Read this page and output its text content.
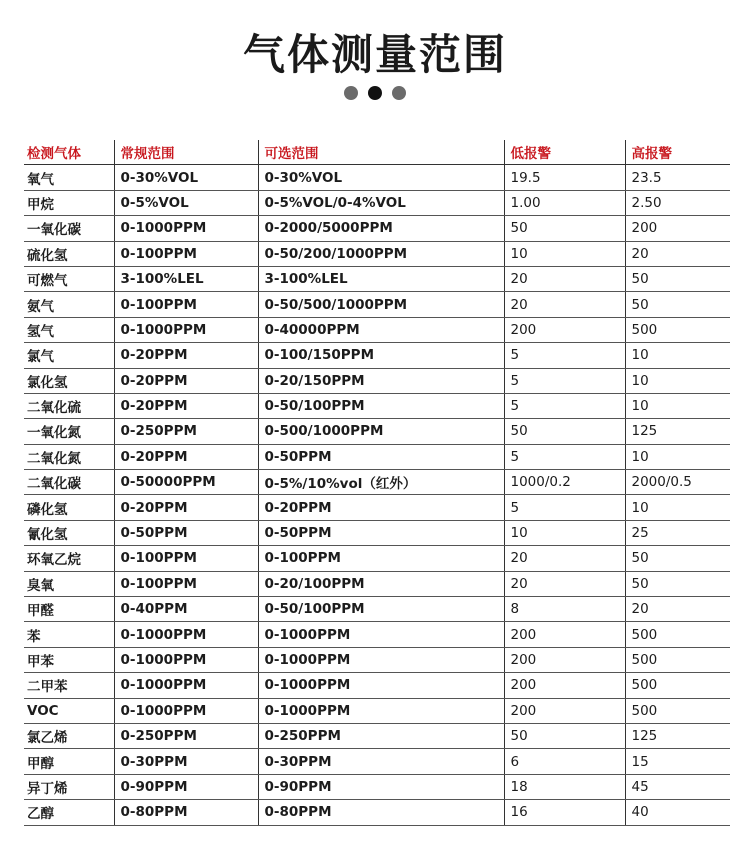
气体测量范围
检测气体	常规范围	可选范围	低报警	高报警
氧气	0-30%VOL	0-30%VOL	19.5	23.5
甲烷	0-5%VOL	0-5%VOL/0-4%VOL	1.00	2.50
一氧化碳	0-1000PPM	0-2000/5000PPM	50	200
硫化氢	0-100PPM	0-50/200/1000PPM	10	20
可燃气	3-100%LEL	3-100%LEL	20	50
氨气	0-100PPM	0-50/500/1000PPM	20	50
氢气	0-1000PPM	0-40000PPM	200	500
氯气	0-20PPM	0-100/150PPM	5	10
氯化氢	0-20PPM	0-20/150PPM	5	10
二氧化硫	0-20PPM	0-50/100PPM	5	10
一氧化氮	0-250PPM	0-500/1000PPM	50	125
二氧化氮	0-20PPM	0-50PPM	5	10
二氧化碳	0-50000PPM	0-5%/10%vol（红外）	1000/0.2	2000/0.5
磷化氢	0-20PPM	0-20PPM	5	10
氰化氢	0-50PPM	0-50PPM	10	25
环氧乙烷	0-100PPM	0-100PPM	20	50
臭氧	0-100PPM	0-20/100PPM	20	50
甲醛	0-40PPM	0-50/100PPM	8	20
苯	0-1000PPM	0-1000PPM	200	500
甲苯	0-1000PPM	0-1000PPM	200	500
二甲苯	0-1000PPM	0-1000PPM	200	500
VOC	0-1000PPM	0-1000PPM	200	500
氯乙烯	0-250PPM	0-250PPM	50	125
甲醇	0-30PPM	0-30PPM	6	15
异丁烯	0-90PPM	0-90PPM	18	45
乙醇	0-80PPM	0-80PPM	16	40
